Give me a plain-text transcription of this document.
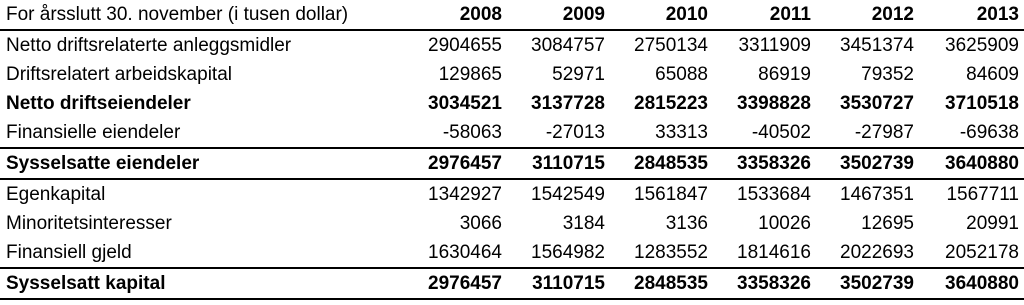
For årsslutt 30. november (i tusen dollar)	2008	2009	2010	2011	2012	2013
Netto driftsrelaterte anleggsmidler	2904655	3084757	2750134	3311909	3451374	3625909
Driftsrelatert arbeidskapital	129865	52971	65088	86919	79352	84609
Netto driftseiendeler	3034521	3137728	2815223	3398828	3530727	3710518
Finansielle eiendeler	-58063	-27013	33313	-40502	-27987	-69638
Sysselsatte eiendeler	2976457	3110715	2848535	3358326	3502739	3640880
Egenkapital	1342927	1542549	1561847	1533684	1467351	1567711
Minoritetsinteresser	3066	3184	3136	10026	12695	20991
Finansiell gjeld	1630464	1564982	1283552	1814616	2022693	2052178
Sysselsatt kapital	2976457	3110715	2848535	3358326	3502739	3640880
